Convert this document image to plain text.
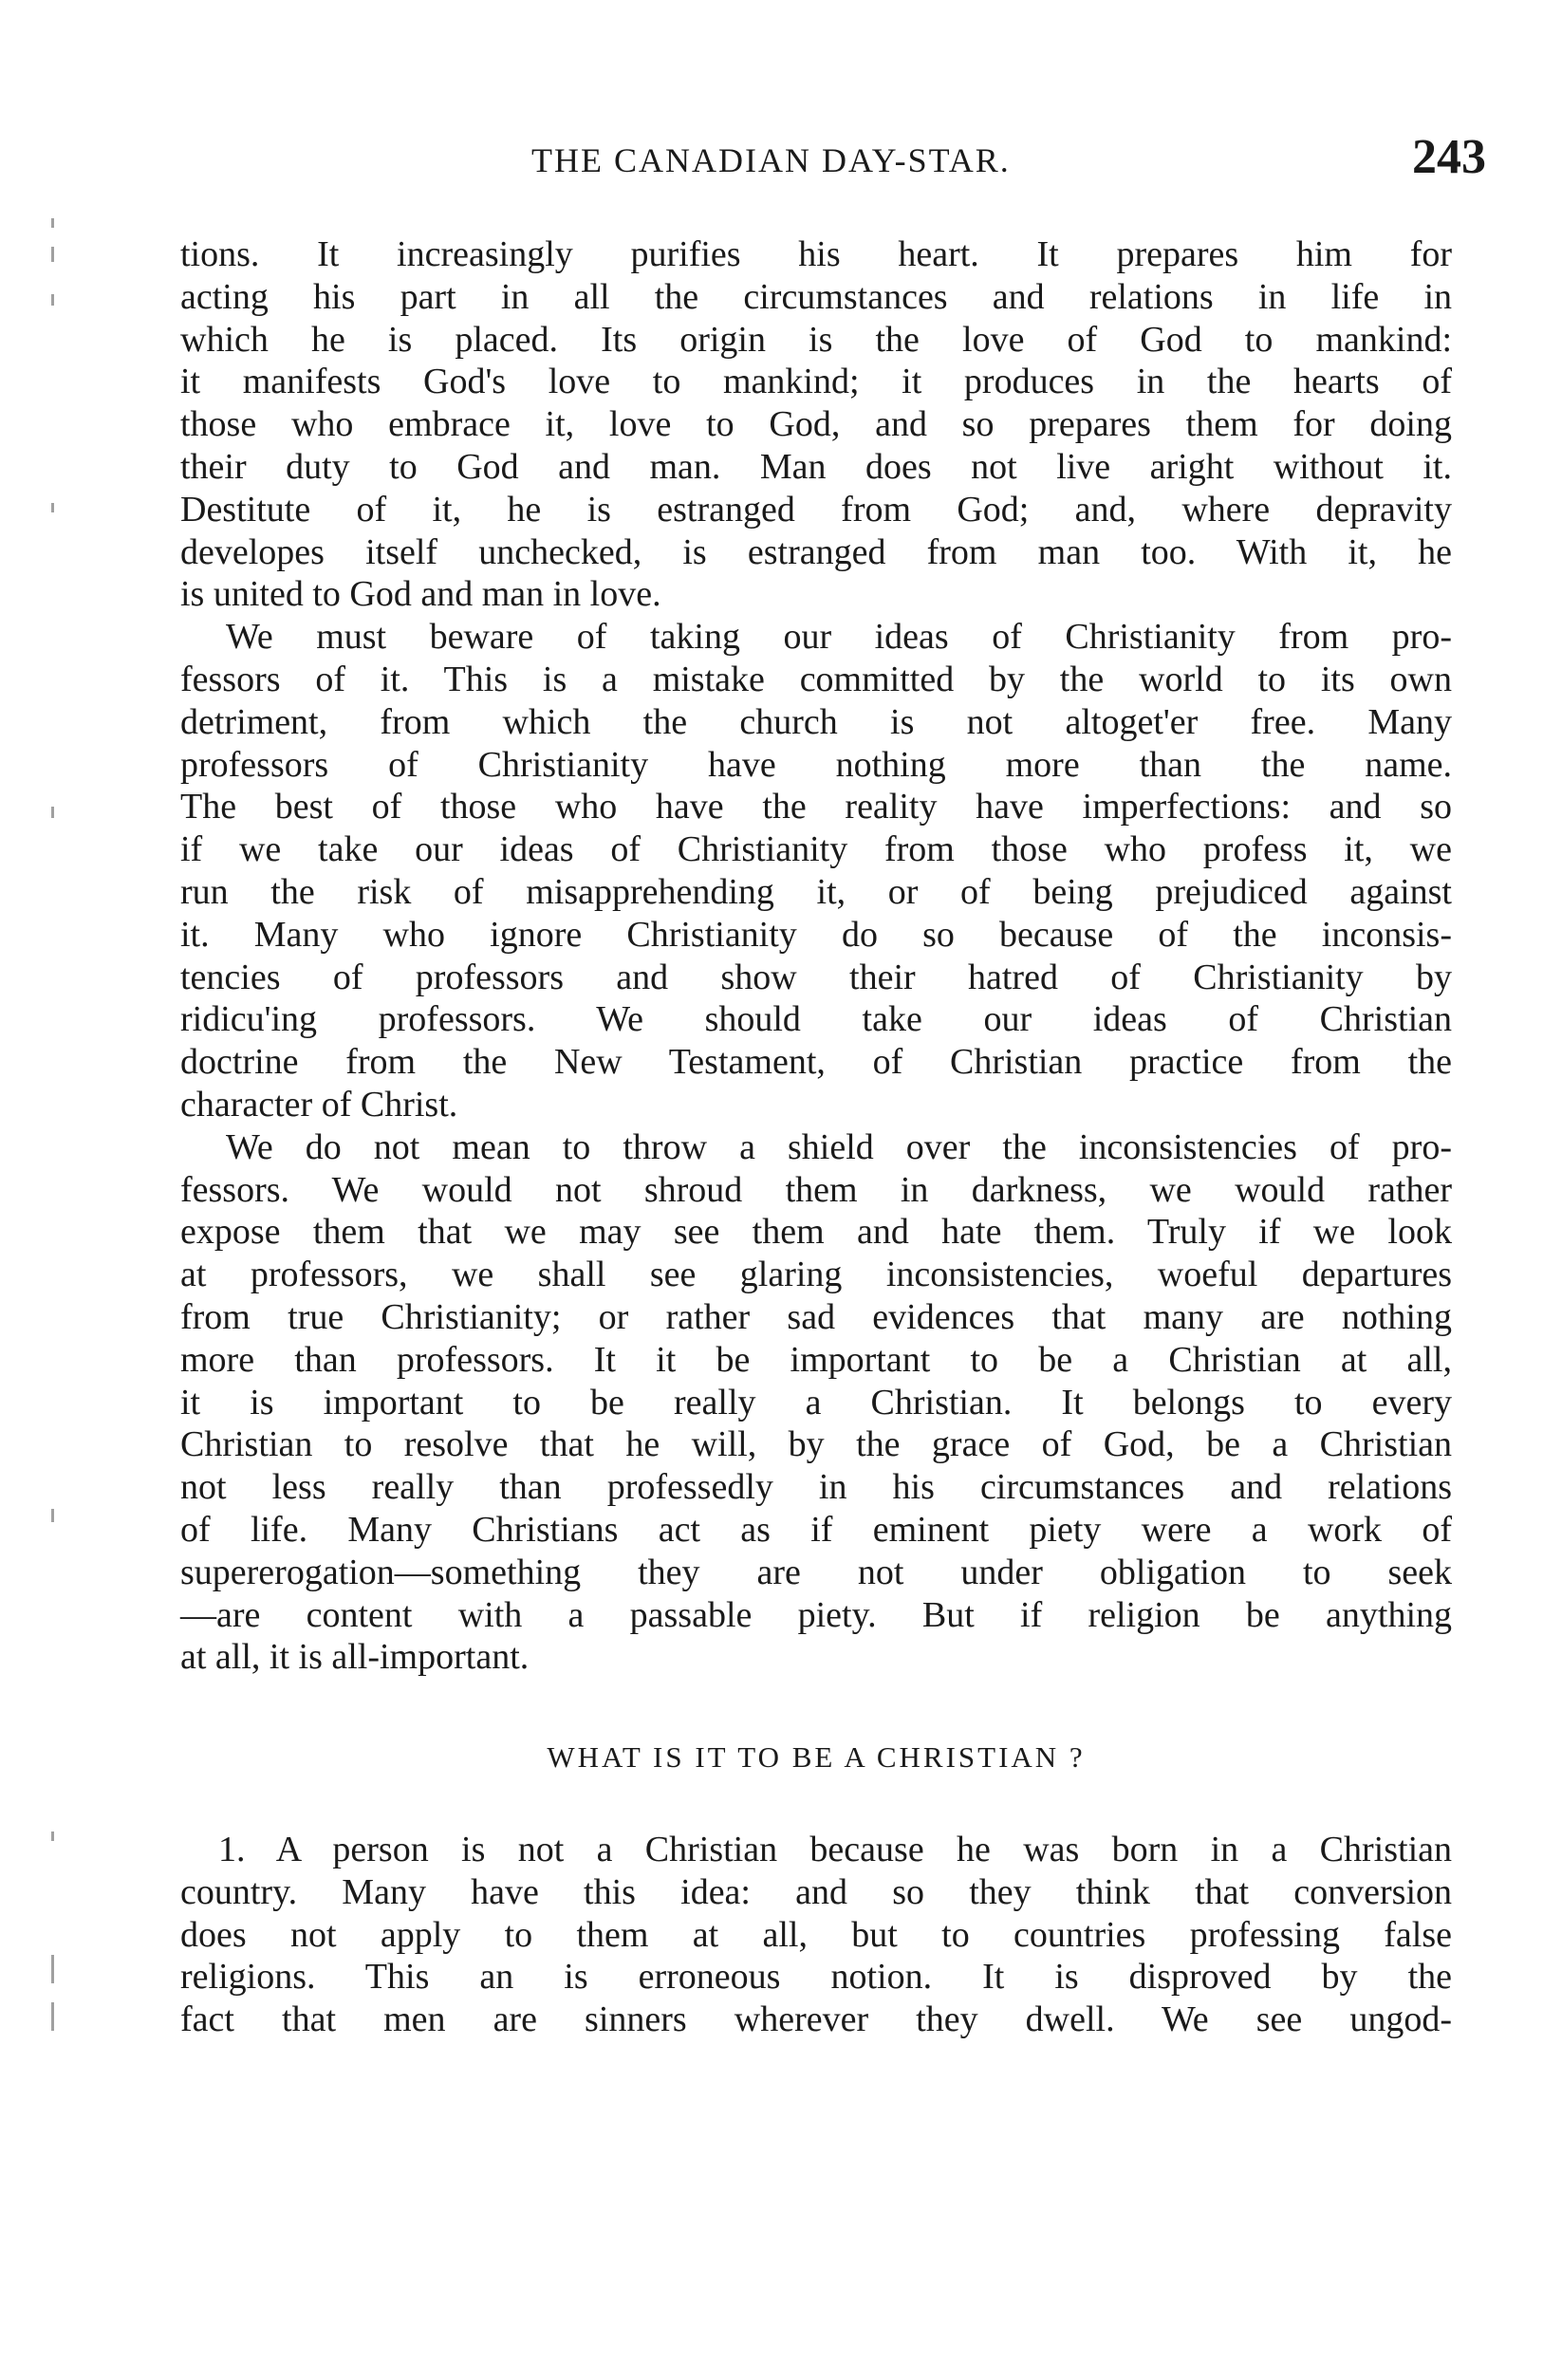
THE CANADIAN DAY-STAR.	243
tions. It increasingly purifies his heart. It prepares him for
acting his part in all the circumstances and relations in life in
which he is placed. Its origin is the love of God to mankind:
it manifests God's love to mankind; it produces in the hearts of
those who embrace it, love to God, and so prepares them for doing
their duty to God and man. Man does not live aright without it.
Destitute of it, he is estranged from God; and, where depravity
developes itself unchecked, is estranged from man too. With it, he
is united to God and man in love.
We must beware of taking our ideas of Christianity from pro-
fessors of it. This is a mistake committed by the world to its own
detriment, from which the church is not altoget'er free. Many
professors of Christianity have nothing more than the name.
The best of those who have the reality have imperfections: and so
if we take our ideas of Christianity from those who profess it, we
run the risk of misapprehending it, or of being prejudiced against
it. Many who ignore Christianity do so because of the inconsis-
tencies of professors and show their hatred of Christianity by
ridicu'ing professors. We should take our ideas of Christian
doctrine from the New Testament, of Christian practice from the
character of Christ.
We do not mean to throw a shield over the inconsistencies of pro-
fessors. We would not shroud them in darkness, we would rather
expose them that we may see them and hate them. Truly if we look
at professors, we shall see glaring inconsistencies, woeful departures
from true Christianity; or rather sad evidences that many are nothing
more than professors. It it be important to be a Christian at all,
it is important to be really a Christian. It belongs to every
Christian to resolve that he will, by the grace of God, be a Christian
not less really than professedly in his circumstances and relations
of life. Many Christians act as if eminent piety were a work of
supererogation—something they are not under obligation to seek
—are content with a passable piety. But if religion be anything
at all, it is all-important.
WHAT IS IT TO BE A CHRISTIAN ?
1. A person is not a Christian because he was born in a Christian
country. Many have this idea: and so they think that conversion
does not apply to them at all, but to countries professing false
religions. This an is erroneous notion. It is disproved by the
fact that men are sinners wherever they dwell. We see ungod-
